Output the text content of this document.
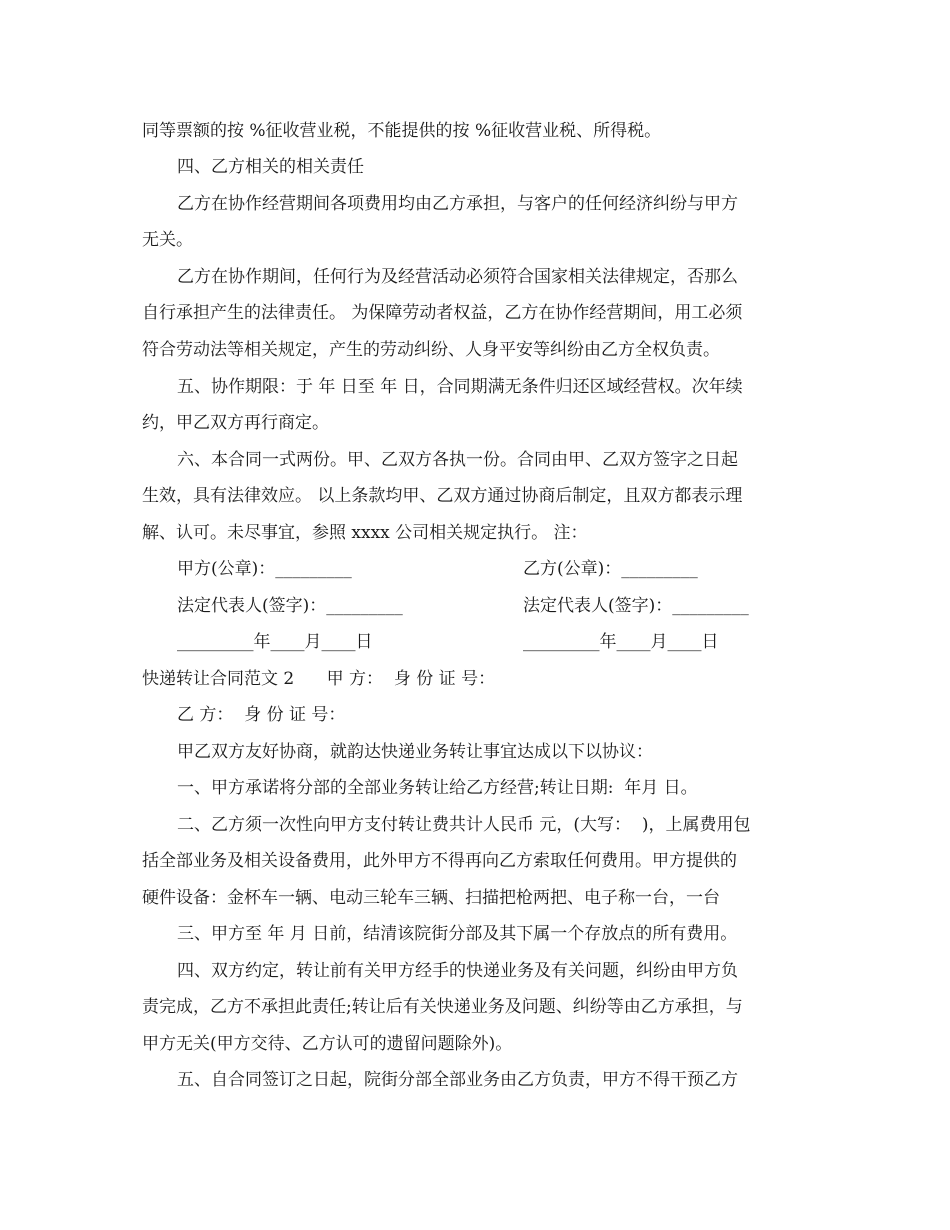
同等票额的按 %征收营业税，不能提供的按 %征收营业税、所得税。
四、乙方相关的相关责任
乙方在协作经营期间各项费用均由乙方承担，与客户的任何经济纠纷与甲方
无关。
乙方在协作期间，任何行为及经营活动必须符合国家相关法律规定，否那么
自行承担产生的法律责任。 为保障劳动者权益，乙方在协作经营期间，用工必须
符合劳动法等相关规定，产生的劳动纠纷、人身平安等纠纷由乙方全权负责。
五、协作期限：于 年 日至 年 日，合同期满无条件归还区域经营权。次年续
约，甲乙双方再行商定。
六、本合同一式两份。甲、乙双方各执一份。合同由甲、乙双方签字之日起
生效，具有法律效应。 以上条款均甲、乙双方通过协商后制定，且双方都表示理
解、认可。未尽事宜，参照 xxxx 公司相关规定执行。 注：
甲方(公章)：_________	乙方(公章)：_________
法定代表人(签字)：_________	法定代表人(签字)：_________
_________年____月____日	_________年____月____日
快递转让合同范文 2      甲 方：  身 份 证 号：
乙 方：  身 份 证 号：
甲乙双方友好协商，就韵达快递业务转让事宜达成以下以协议：
一、甲方承诺将分部的全部业务转让给乙方经营;转让日期:  年月 日。
二、乙方须一次性向甲方支付转让费共计人民币 元，(大写：  )，上属费用包
括全部业务及相关设备费用，此外甲方不得再向乙方索取任何费用。甲方提供的
硬件设备：金杯车一辆、电动三轮车三辆、扫描把枪两把、电子称一台，一台
三、甲方至 年 月 日前，结清该院街分部及其下属一个存放点的所有费用。
四、双方约定，转让前有关甲方经手的快递业务及有关问题，纠纷由甲方负
责完成，乙方不承担此责任;转让后有关快递业务及问题、纠纷等由乙方承担，与
甲方无关(甲方交待、乙方认可的遗留问题除外)。
五、自合同签订之日起，院街分部全部业务由乙方负责，甲方不得干预乙方
